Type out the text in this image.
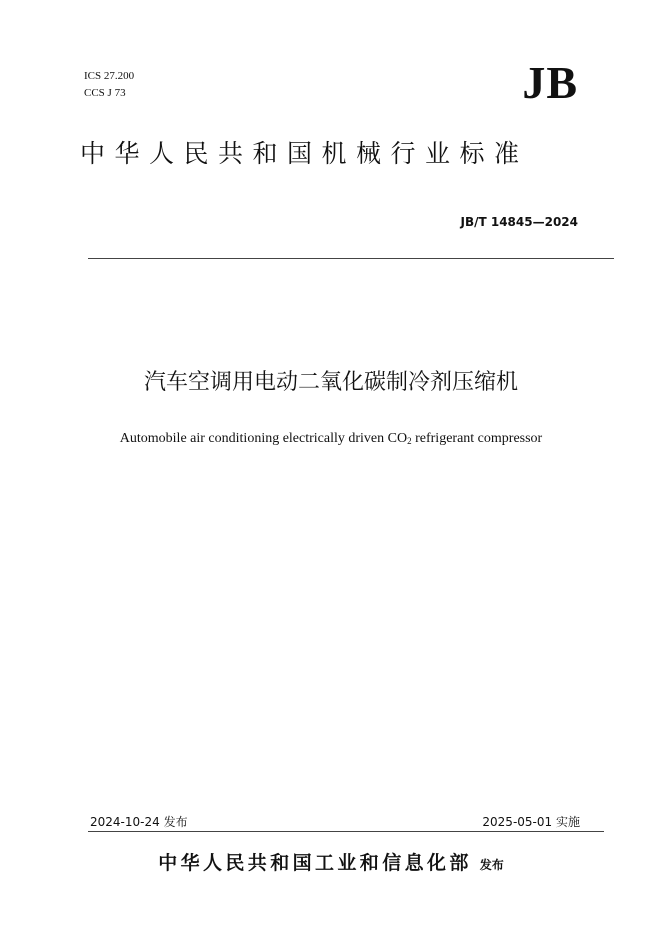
ICS 27.200
CCS J 73	JB
中华人民共和国机械行业标准
JB/T 14845—2024
汽车空调用电动二氧化碳制冷剂压缩机
Automobile air conditioning electrically driven $CO_2$ refrigerant compressor
2024-10-24 发布	2025-05-01 实施
中华人民共和国工业和信息化部 发布
